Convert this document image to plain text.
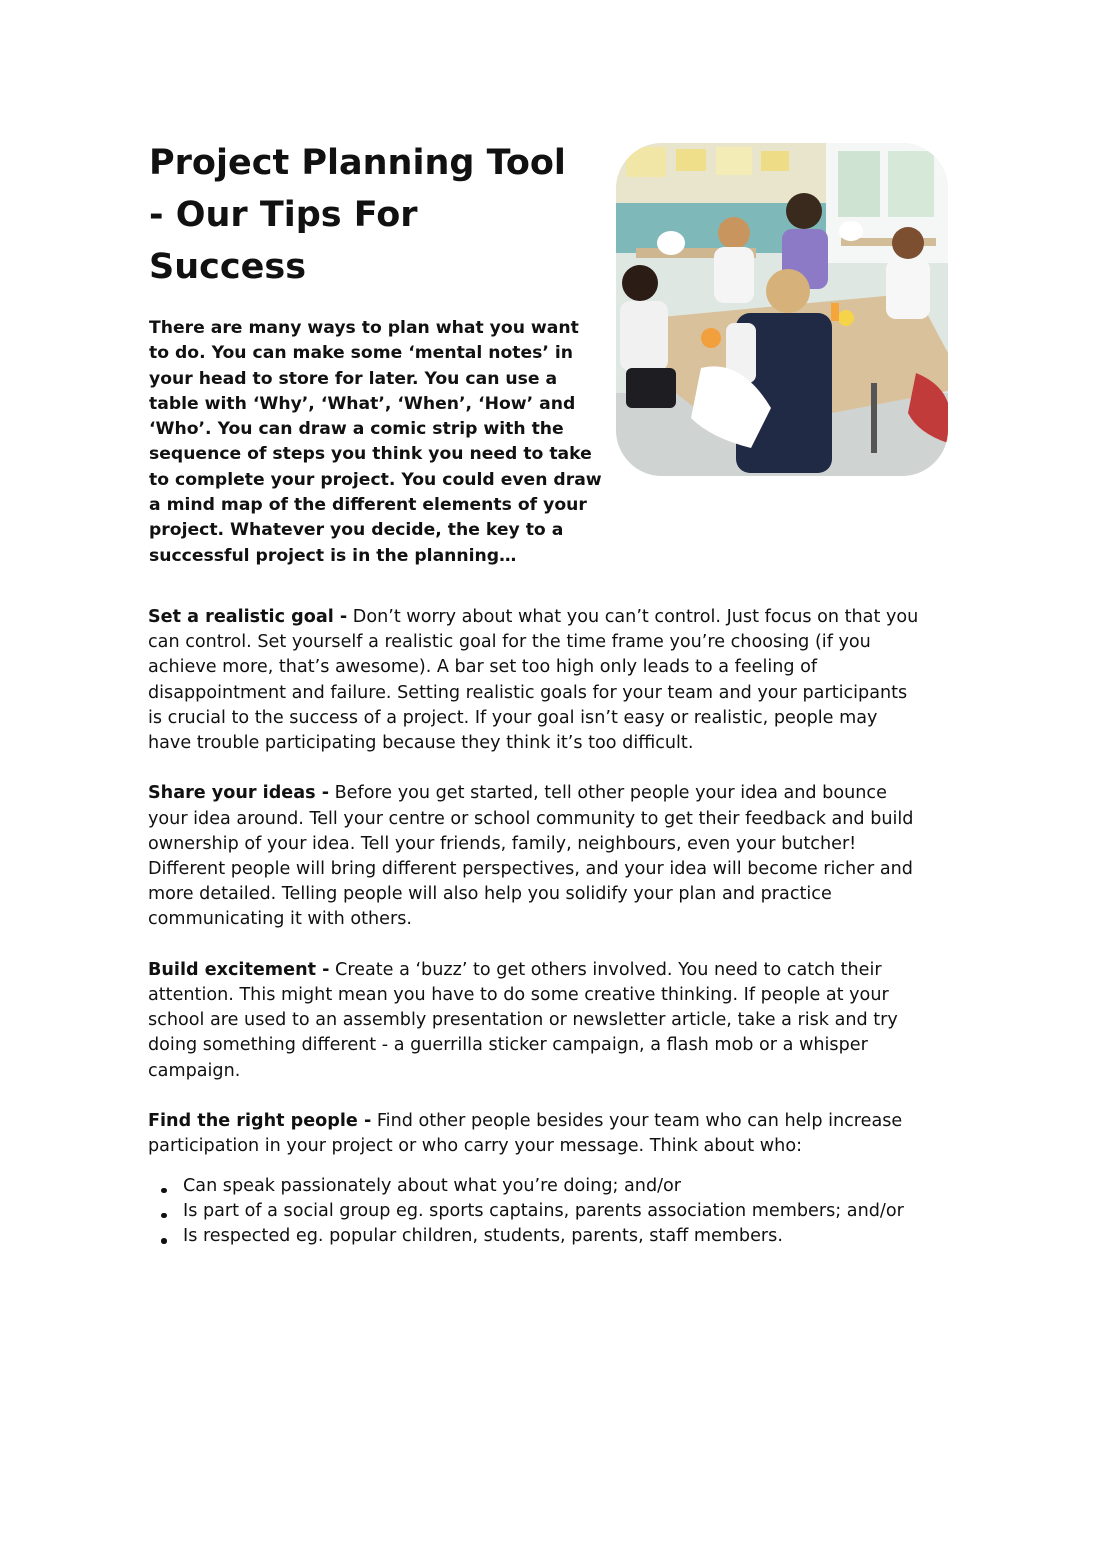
Project Planning Tool - Our Tips For Success

There are many ways to plan what you want to do. You can make some ‘mental notes’ in your head to store for later. You can use a table with ‘Why’, ‘What’, ‘When’, ‘How’ and ‘Who’. You can draw a comic strip with the sequence of steps you think you need to take to complete your project. You could even draw a mind map of the different elements of your project. Whatever you decide, the key to a successful project is in the planning…

Set a realistic goal - Don’t worry about what you can’t control. Just focus on that you can control. Set yourself a realistic goal for the time frame you’re choosing (if you achieve more, that’s awesome). A bar set too high only leads to a feeling of disappointment and failure. Setting realistic goals for your team and your participants is crucial to the success of a project. If your goal isn’t easy or realistic, people may have trouble participating because they think it’s too difficult.

Share your ideas - Before you get started, tell other people your idea and bounce your idea around. Tell your centre or school community to get their feedback and build ownership of your idea. Tell your friends, family, neighbours, even your butcher! Different people will bring different perspectives, and your idea will become richer and more detailed. Telling people will also help you solidify your plan and practice communicating it with others.

Build excitement - Create a ‘buzz’ to get others involved. You need to catch their attention. This might mean you have to do some creative thinking. If people at your school are used to an assembly presentation or newsletter article, take a risk and try doing something different - a guerrilla sticker campaign, a flash mob or a whisper campaign.

Find the right people - Find other people besides your team who can help increase participation in your project or who carry your message. Think about who:

Can speak passionately about what you’re doing; and/or
Is part of a social group eg. sports captains, parents association members; and/or
Is respected eg. popular children, students, parents, staff members.
